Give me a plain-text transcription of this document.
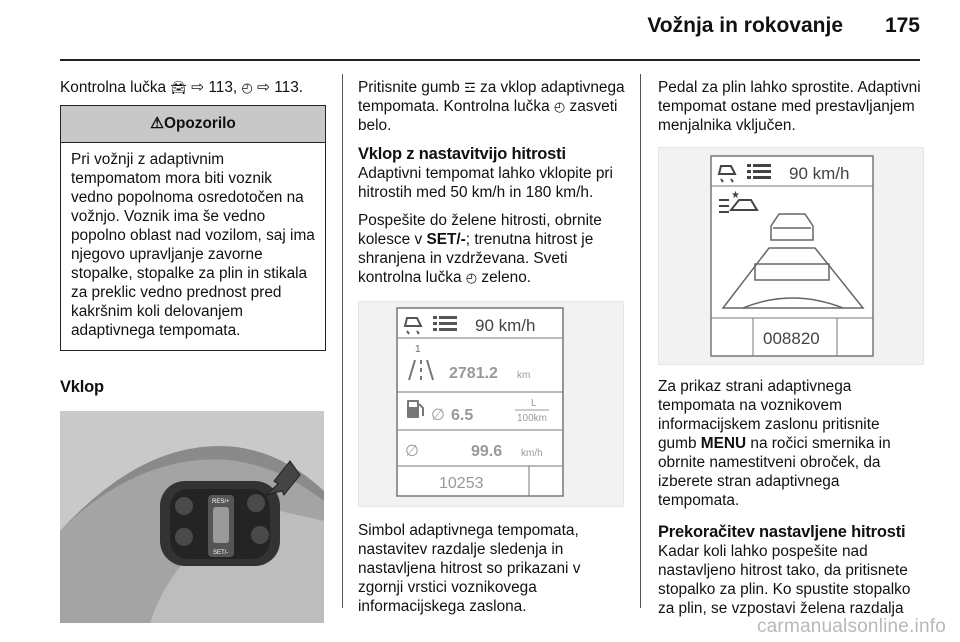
Vožnja in rokovanje 175

Kontrolna lučka 🚘︎ ⇨ 113, ◴ ⇨ 113.

⚠Opozorilo
Pri vožnji z adaptivnim tempomatom mora biti voznik vedno popolnoma osredotočen na vožnjo. Voznik ima še vedno popolno oblast nad vozilom, saj ima njegovo upravljanje zavorne stopalke, stopalke za plin in stikala za preklic vedno prednost pred kakršnim koli delovanjem adaptivnega tempomata.
Vklop
RES/+
SET/-

Pritisnite gumb ☲ za vklop adaptivnega tempomata. Kontrolna lučka ◴ zasveti belo.

Vklop z nastavitvijo hitrosti

Adaptivni tempomat lahko vklopite pri hitrostih med 50 km/h in 180 km/h.

Pospešite do želene hitrosti, obrnite kolesce v SET/-; trenutna hitrost je shranjena in vzdrževana. Sveti kontrolna lučka ◴ zeleno.

90 km/h
1
2781.2 km
∅ 6.5
L
100km
∅	99.6 km/h
10253

Simbol adaptivnega tempomata, nastavitev razdalje sledenja in nastavljena hitrost so prikazani v zgornji vrstici voznikovega informacijskega zaslona.

Pedal za plin lahko sprostite. Adaptivni tempomat ostane med prestavljanjem menjalnika vključen.

90 km/h
★
008820

Za prikaz strani adaptivnega tempomata na voznikovem informacijskem zaslonu pritisnite gumb MENU na ročici smernika in obrnite namestitveni obroček, da izberete stran adaptivnega tempomata.

Prekoračitev nastavljene hitrosti

Kadar koli lahko pospešite nad nastavljeno hitrost tako, da pritisnete stopalko za plin. Ko spustite stopalko za plin, se vzpostavi želena razdalja

carmanualsonline.info
